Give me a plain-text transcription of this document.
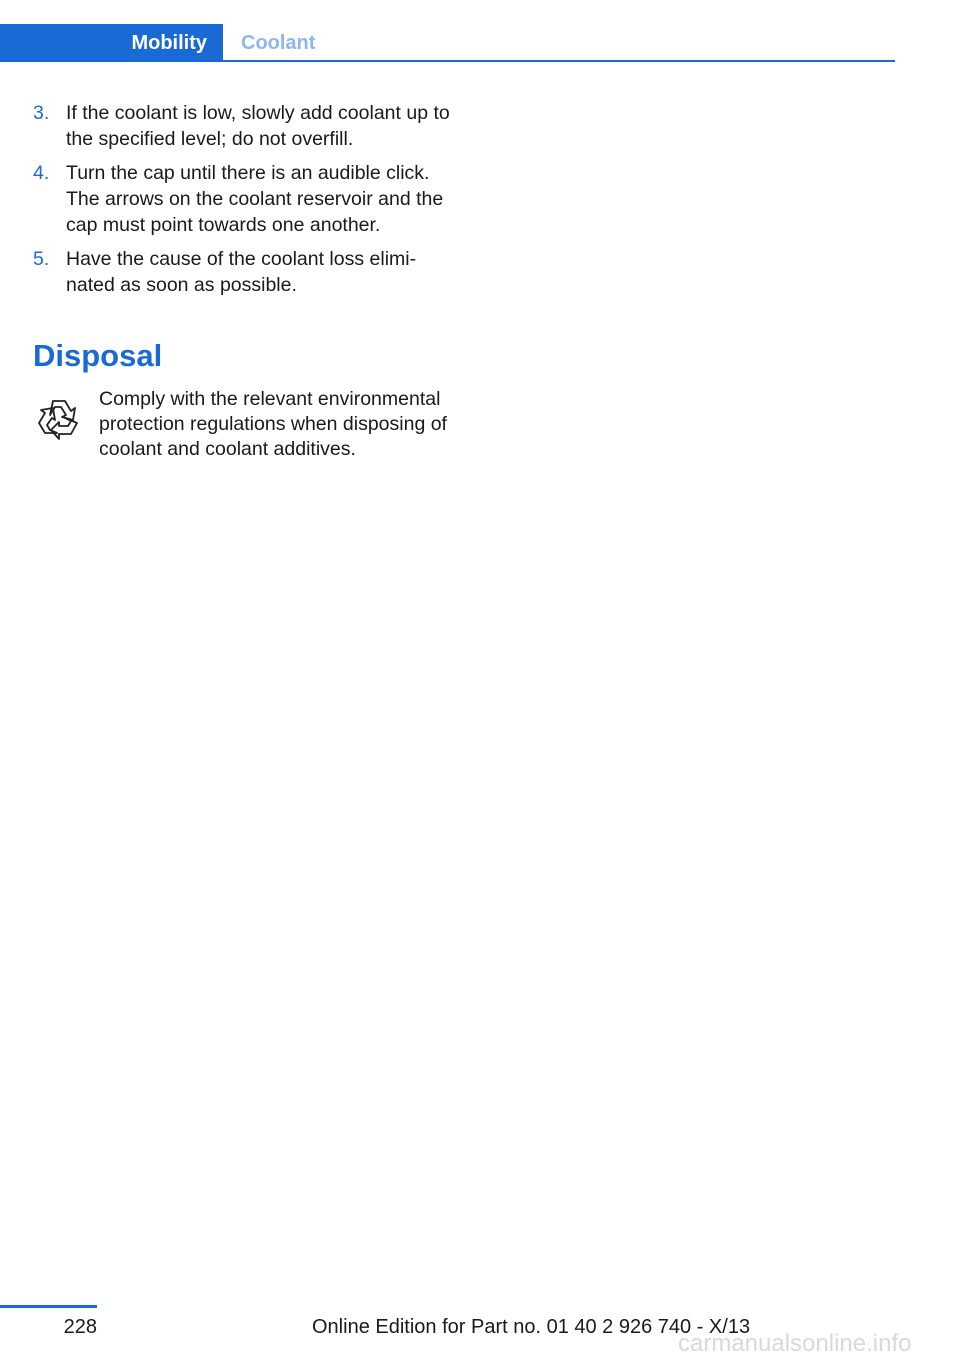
Mobility	Coolant
3. If the coolant is low, slowly add coolant up to the specified level; do not overfill.
4. Turn the cap until there is an audible click. The arrows on the coolant reservoir and the cap must point towards one another.
5. Have the cause of the coolant loss eliminated as soon as possible.
Disposal
Comply with the relevant environmental protection regulations when disposing of coolant and coolant additives.
228	Online Edition for Part no. 01 40 2 926 740 - X/13
carmanualsonline.info
